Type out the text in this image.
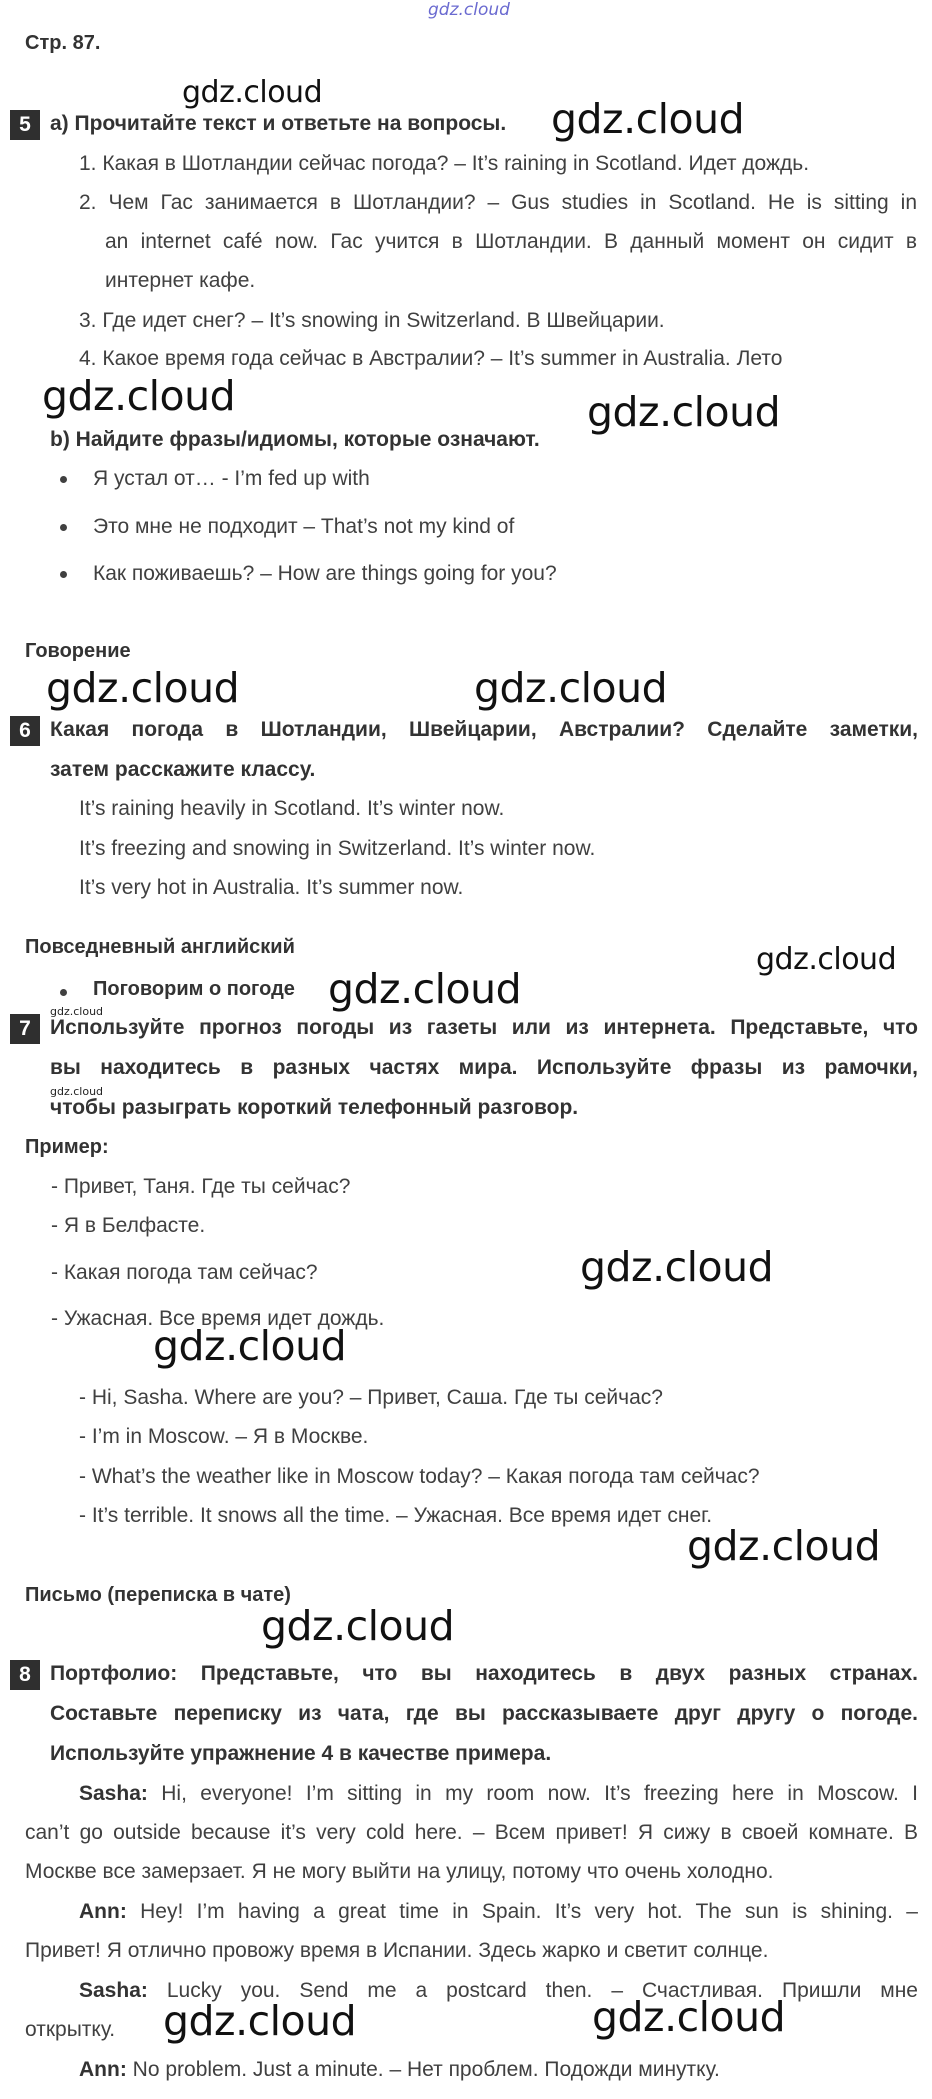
gdz.cloud
Стр. 87.
5 a) Прочитайте текст и ответьте на вопросы.
1. Какая в Шотландии сейчас погода? – It’s raining in Scotland. Идет дождь.
2. Чем Гас занимается в Шотландии? – Gus studies in Scotland. He is sitting in
an internet café now. Гас учится в Шотландии. В данный момент он сидит в
интернет кафе.
3. Где идет снег? – It’s snowing in Switzerland. В Швейцарии.
4. Какое время года сейчас в Австралии? – It’s summer in Australia. Лето
b) Найдите фразы/идиомы, которые означают.
Я устал от… - I’m fed up with
Это мне не подходит – That’s not my kind of
Как поживаешь? – How are things going for you?
Говорение
6 Какая погода в Шотландии, Швейцарии, Австралии? Сделайте заметки,
затем расскажите классу.
It’s raining heavily in Scotland. It’s winter now.
It’s freezing and snowing in Switzerland. It’s winter now.
It’s very hot in Australia. It’s summer now.
Повседневный английский
Поговорим о погоде
7 Используйте прогноз погоды из газеты или из интернета. Представьте, что
вы находитесь в разных частях мира. Используйте фразы из рамочки,
чтобы разыграть короткий телефонный разговор.
Пример:
- Привет, Таня. Где ты сейчас?
- Я в Белфасте.
- Какая погода там сейчас?
- Ужасная. Все время идет дождь.
- Hi, Sasha. Where are you? – Привет, Саша. Где ты сейчас?
- I’m in Moscow. – Я в Москве.
- What’s the weather like in Moscow today? – Какая погода там сейчас?
- It’s terrible. It snows all the time. – Ужасная. Все время идет снег.
Письмо (переписка в чате)
8 Портфолио: Представьте, что вы находитесь в двух разных странах.
Составьте переписку из чата, где вы рассказываете друг другу о погоде.
Используйте упражнение 4 в качестве примера.
Sasha: Hi, everyone! I’m sitting in my room now. It’s freezing here in Moscow. I
can’t go outside because it’s very cold here. – Всем привет! Я сижу в своей комнате. В
Москве все замерзает. Я не могу выйти на улицу, потому что очень холодно.
Ann: Hey! I’m having a great time in Spain. It’s very hot. The sun is shining. –
Привет! Я отлично провожу время в Испании. Здесь жарко и светит солнце.
Sasha: Lucky you. Send me a postcard then. – Счастливая. Пришли мне
открытку.
Ann: No problem. Just a minute. – Нет проблем. Подожди минутку.
gdz.cloud
gdz.cloud
gdz.cloud	gdz.cloud
gdz.cloud	gdz.cloud
gdz.cloud
gdz.cloud
gdz.cloud
gdz.cloud
gdz.cloud
gdz.cloud
gdz.cloud
gdz.cloud
gdz.cloud	gdz.cloud
